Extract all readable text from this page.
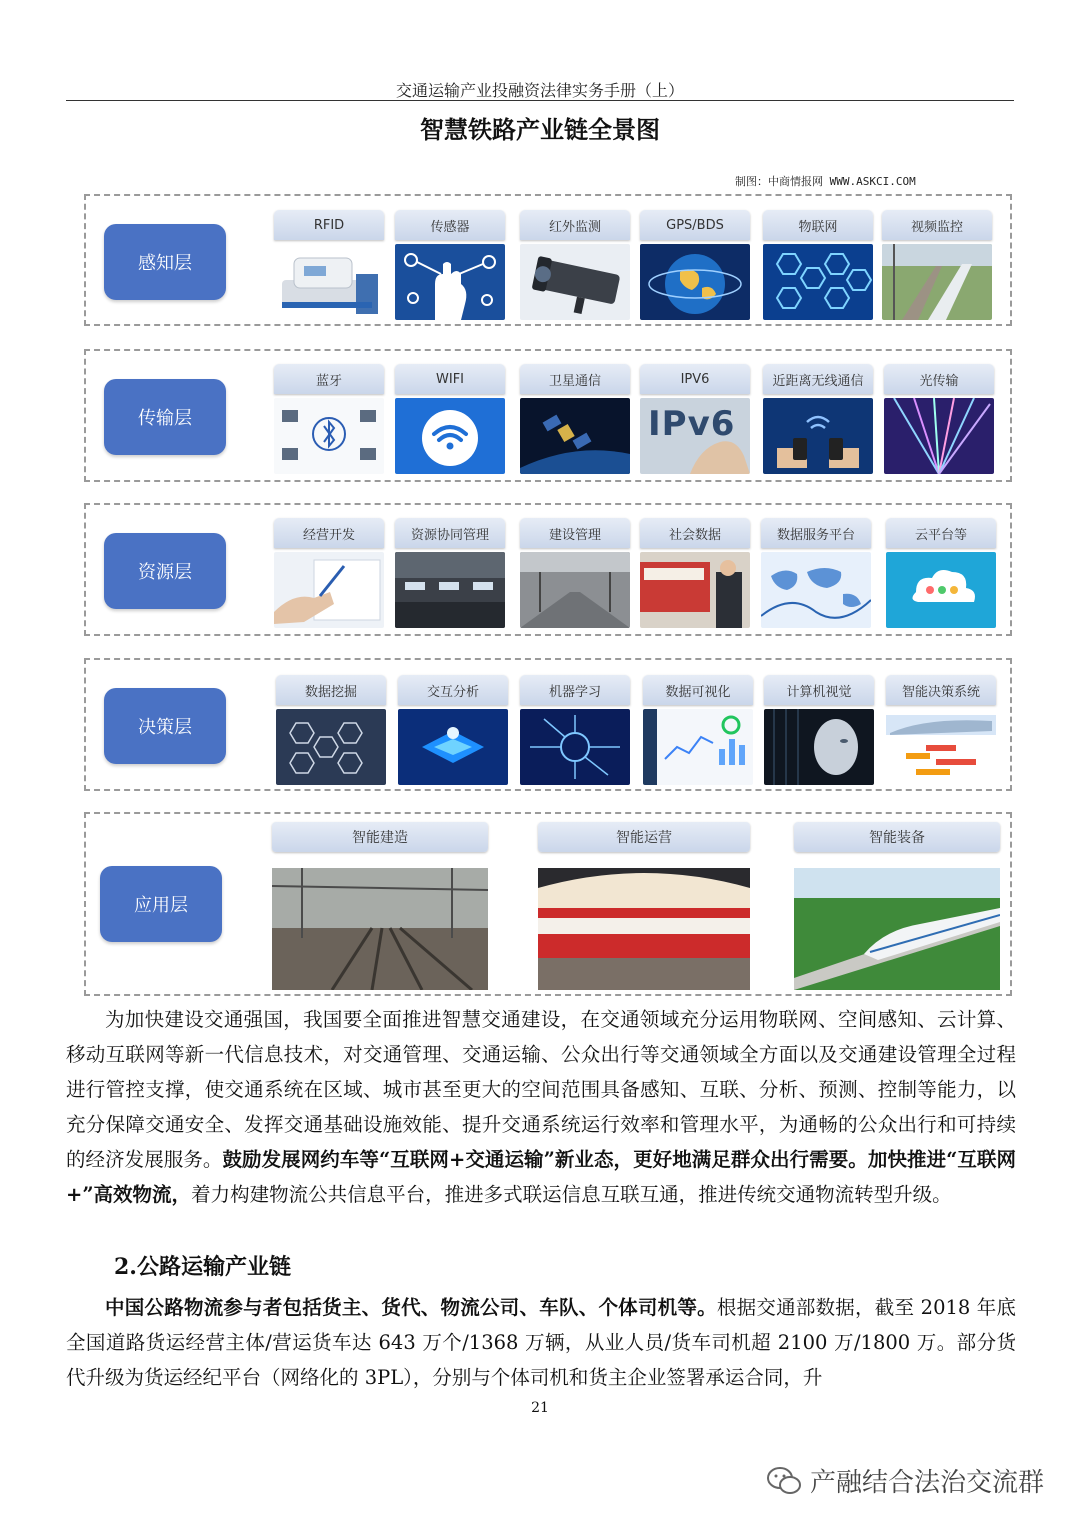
交通运输产业投融资法律实务手册（上）
智慧铁路产业链全景图
制图：中商情报网 WWW.ASKCI.COM
感知层
RFID	传感器	红外监测	GPS/BDS	物联网	视频监控
传输层
蓝牙	WIFI	卫星通信	IPV6
IPv6
近距离无线通信	光传输
资源层
经营开发	资源协同管理	建设管理	社会数据	数据服务平台	云平台等
决策层
数据挖掘	交互分析	机器学习	数据可视化	计算机视觉	智能决策系统
应用层
智能建造	智能运营	智能装备

为加快建设交通强国，我国要全面推进智慧交通建设，在交通领域充分运用物联网、空间感知、云计算、移动互联网等新一代信息技术，对交通管理、交通运输、公众出行等交通领域全方面以及交通建设管理全过程进行管控支撑，使交通系统在区域、城市甚至更大的空间范围具备感知、互联、分析、预测、控制等能力，以充分保障交通安全、发挥交通基础设施效能、提升交通系统运行效率和管理水平，为通畅的公众出行和可持续的经济发展服务。鼓励发展网约车等“互联网+交通运输”新业态，更好地满足群众出行需要。加快推进“互联网+”高效物流，着力构建物流公共信息平台，推进多式联运信息互联互通，推进传统交通物流转型升级。

2.公路运输产业链

中国公路物流参与者包括货主、货代、物流公司、车队、个体司机等。根据交通部数据，截至 2018 年底全国道路货运经营主体/营运货车达 643 万个/1368 万辆，从业人员/货车司机超 2100 万/1800 万。部分货代升级为货运经纪平台（网络化的 3PL），分别与个体司机和货主企业签署承运合同，升

21
产融结合法治交流群
